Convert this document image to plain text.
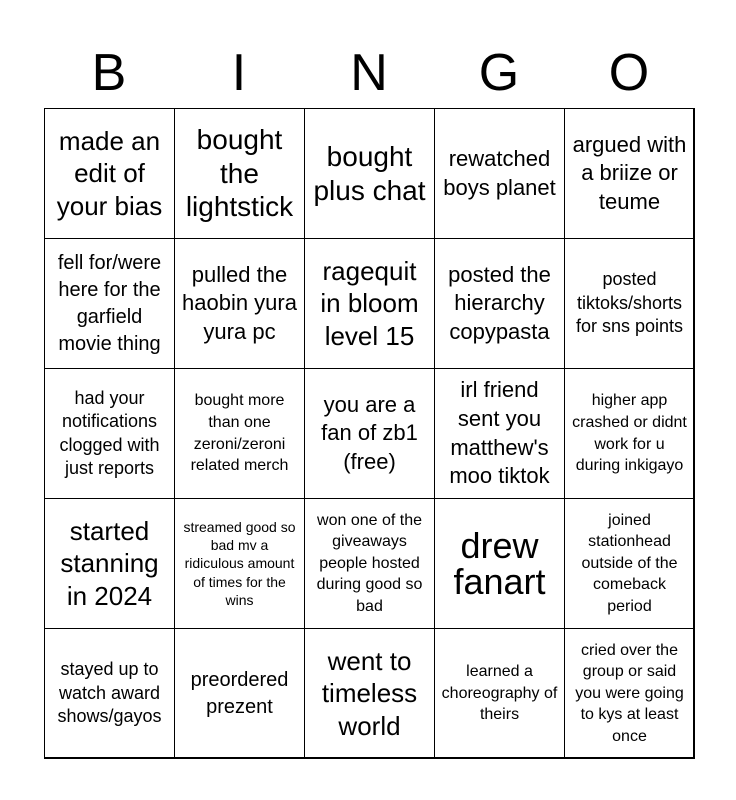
B	I	N	G	O
made an edit of your bias
bought the lightstick
bought plus chat
rewatched boys planet
argued with a briize or teume
fell for/were here for the garfield movie thing
pulled the haobin yura yura pc
ragequit in bloom level 15
posted the hierarchy copypasta
posted tiktoks/shorts for sns points
had your notifications clogged with just reports
bought more than one zeroni/zeroni related merch
you are a fan of zb1 (free)
irl friend sent you matthew's moo tiktok
higher app crashed or didnt work for u during inkigayo
started stanning in 2024
streamed good so bad mv a ridiculous amount of times for the wins
won one of the giveaways people hosted during good so bad
drew fanart
joined stationhead outside of the comeback period
stayed up to watch award shows/gayos
preordered prezent
went to timeless world
learned a choreography of theirs
cried over the group or said you were going to kys at least once
